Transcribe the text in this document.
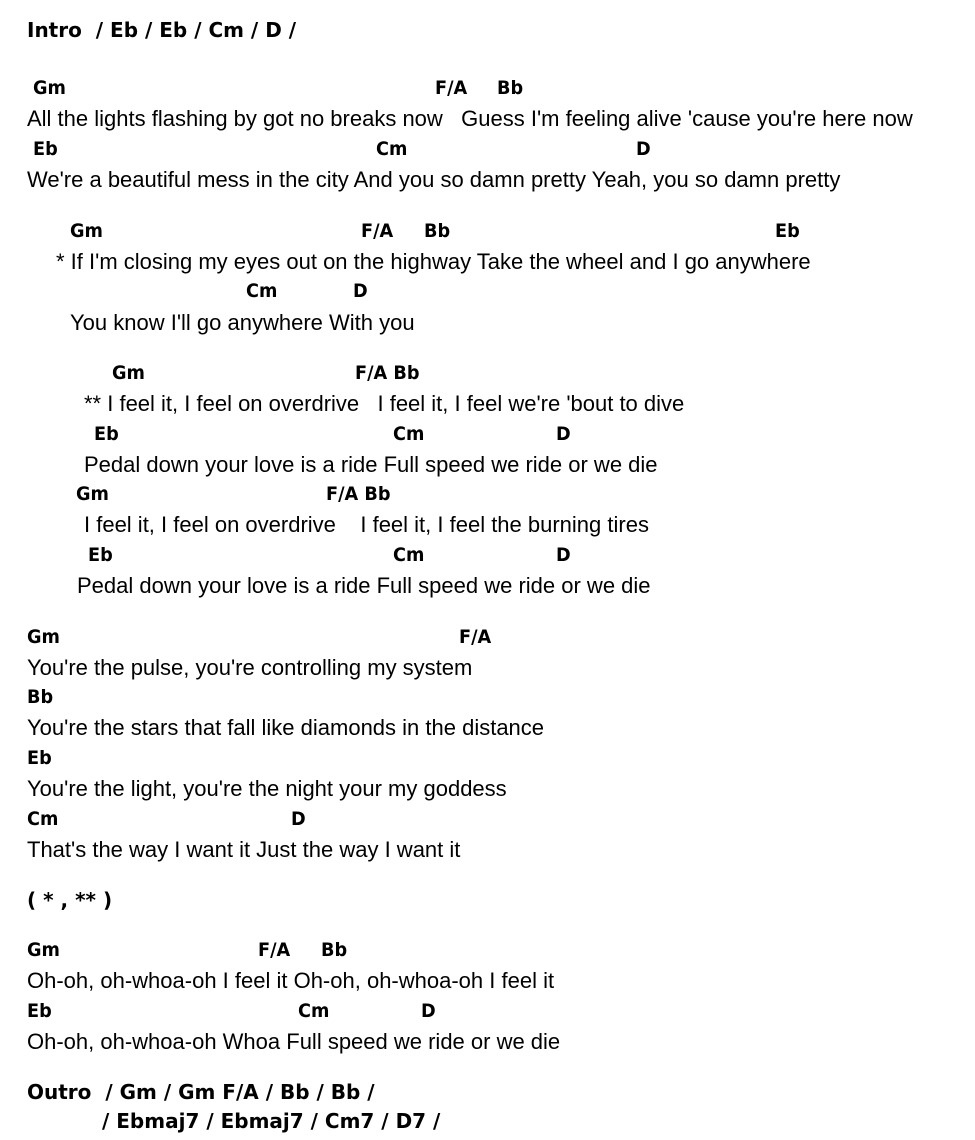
Intro  / Eb / Eb / Cm / D /
Gm	F/A Bb
All the lights flashing by got no breaks now   Guess I'm feeling alive 'cause you're here now
Eb	Cm	D
We're a beautiful mess in the city And you so damn pretty Yeah, you so damn pretty
Gm	F/A Bb	Eb
* If I'm closing my eyes out on the highway Take the wheel and I go anywhere
Cm	D
You know I'll go anywhere With you
Gm	F/A Bb
** I feel it, I feel on overdrive   I feel it, I feel we're 'bout to dive
Eb	Cm	D
Pedal down your love is a ride Full speed we ride or we die
Gm	F/A Bb
I feel it, I feel on overdrive    I feel it, I feel the burning tires
Eb	Cm	D
Pedal down your love is a ride Full speed we ride or we die
Gm	F/A
You're the pulse, you're controlling my system
Bb
You're the stars that fall like diamonds in the distance
Eb
You're the light, you're the night your my goddess
Cm	D
That's the way I want it Just the way I want it
( * , ** )
Gm	F/A Bb
Oh-oh, oh-whoa-oh I feel it Oh-oh, oh-whoa-oh I feel it
Eb	Cm	D
Oh-oh, oh-whoa-oh Whoa Full speed we ride or we die
Outro  / Gm / Gm F/A / Bb / Bb /
/ Ebmaj7 / Ebmaj7 / Cm7 / D7 /
